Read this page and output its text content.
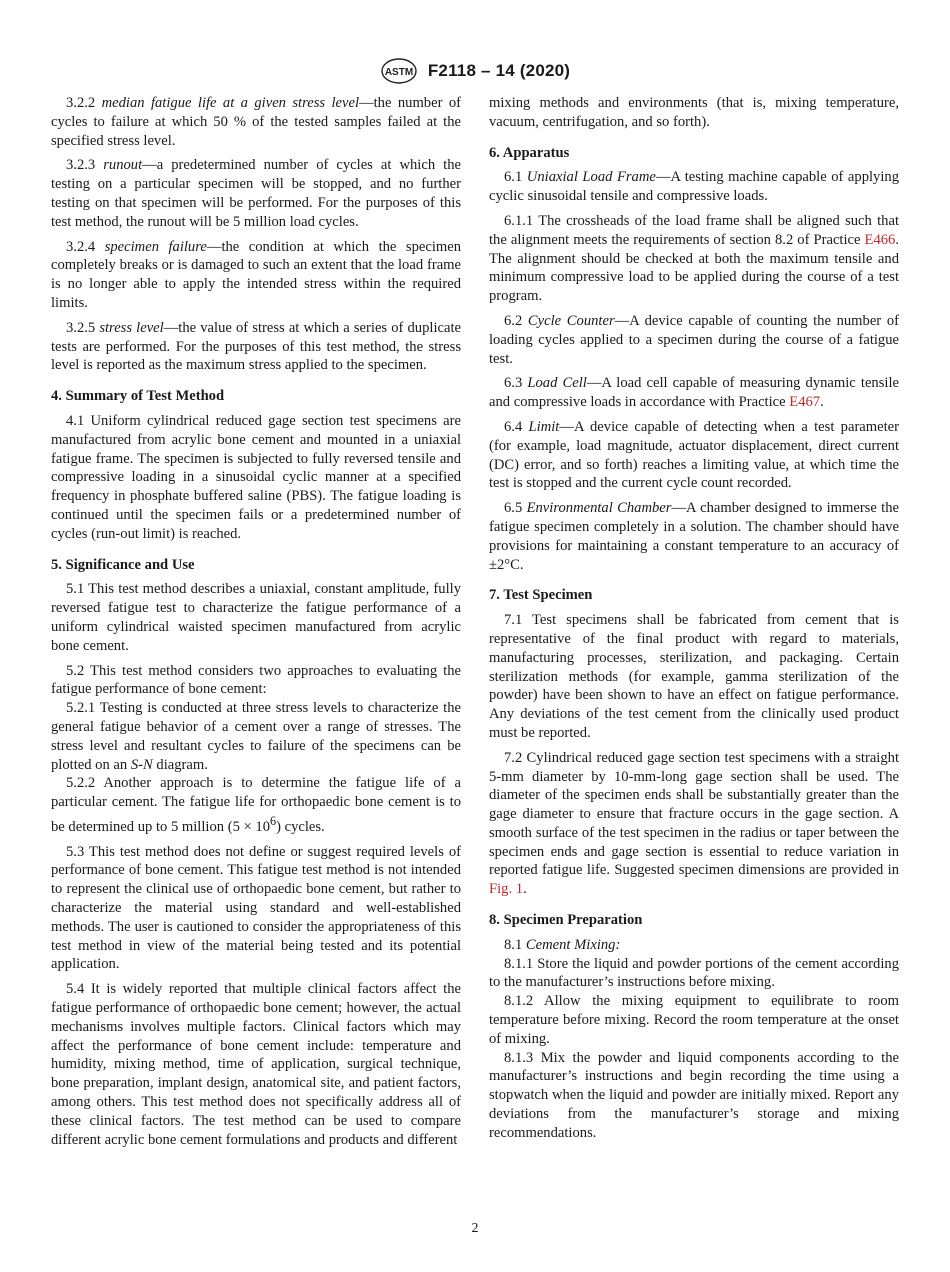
ASTM F2118 – 14 (2020)

3.2.2 median fatigue life at a given stress level—the number of cycles to failure at which 50 % of the tested samples failed at the specified stress level.

3.2.3 runout—a predetermined number of cycles at which the testing on a particular specimen will be stopped, and no further testing on that specimen will be performed. For the purposes of this test method, the runout will be 5 million load cycles.

3.2.4 specimen failure—the condition at which the specimen completely breaks or is damaged to such an extent that the load frame is no longer able to apply the intended stress within the required limits.

3.2.5 stress level—the value of stress at which a series of duplicate tests are performed. For the purposes of this test method, the stress level is reported as the maximum stress applied to the specimen.

4. Summary of Test Method

4.1 Uniform cylindrical reduced gage section test specimens are manufactured from acrylic bone cement and mounted in a uniaxial fatigue frame. The specimen is subjected to fully reversed tensile and compressive loading in a sinusoidal cyclic manner at a specified frequency in phosphate buffered saline (PBS). The fatigue loading is continued until the specimen fails or a predetermined number of cycles (run-out limit) is reached.

5. Significance and Use

5.1 This test method describes a uniaxial, constant amplitude, fully reversed fatigue test to characterize the fatigue performance of a uniform cylindrical waisted specimen manufactured from acrylic bone cement.

5.2 This test method considers two approaches to evaluating the fatigue performance of bone cement:

5.2.1 Testing is conducted at three stress levels to characterize the general fatigue behavior of a cement over a range of stresses. The stress level and resultant cycles to failure of the specimens can be plotted on an S-N diagram.

5.2.2 Another approach is to determine the fatigue life of a particular cement. The fatigue life for orthopaedic bone cement is to be determined up to 5 million $(5 \times 10^6)$ cycles.

5.3 This test method does not define or suggest required levels of performance of bone cement. This fatigue test method is not intended to represent the clinical use of orthopaedic bone cement, but rather to characterize the material using standard and well-established methods. The user is cautioned to consider the appropriateness of this test method in view of the material being tested and its potential application.

5.4 It is widely reported that multiple clinical factors affect the fatigue performance of orthopaedic bone cement; however, the actual mechanisms involves multiple factors. Clinical factors which may affect the performance of bone cement include: temperature and humidity, mixing method, time of application, surgical technique, bone preparation, implant design, anatomical site, and patient factors, among others. This test method does not specifically address all of these clinical factors. The test method can be used to compare different acrylic bone cement formulations and products and different

mixing methods and environments (that is, mixing temperature, vacuum, centrifugation, and so forth).

6. Apparatus

6.1 Uniaxial Load Frame—A testing machine capable of applying cyclic sinusoidal tensile and compressive loads.

6.1.1 The crossheads of the load frame shall be aligned such that the alignment meets the requirements of section 8.2 of Practice E466. The alignment should be checked at both the maximum tensile and minimum compressive load to be applied during the course of a test program.

6.2 Cycle Counter—A device capable of counting the number of loading cycles applied to a specimen during the course of a fatigue test.

6.3 Load Cell—A load cell capable of measuring dynamic tensile and compressive loads in accordance with Practice E467.

6.4 Limit—A device capable of detecting when a test parameter (for example, load magnitude, actuator displacement, direct current (DC) error, and so forth) reaches a limiting value, at which time the test is stopped and the current cycle count recorded.

6.5 Environmental Chamber—A chamber designed to immerse the fatigue specimen completely in a solution. The chamber should have provisions for maintaining a constant temperature to an accuracy of ±2°C.

7. Test Specimen

7.1 Test specimens shall be fabricated from cement that is representative of the final product with regard to materials, manufacturing processes, sterilization, and packaging. Certain sterilization methods (for example, gamma sterilization of the powder) have been shown to have an effect on fatigue performance. Any deviations of the test cement from the clinically used product must be reported.

7.2 Cylindrical reduced gage section test specimens with a straight 5-mm diameter by 10-mm-long gage section shall be used. The diameter of the specimen ends shall be substantially greater than the gage diameter to ensure that fracture occurs in the gage section. A smooth surface of the test specimen in the radius or taper between the specimen ends and gage section is essential to reduce variation in reported fatigue life. Suggested specimen dimensions are provided in Fig. 1.

8. Specimen Preparation

8.1 Cement Mixing:

8.1.1 Store the liquid and powder portions of the cement according to the manufacturer’s instructions before mixing.

8.1.2 Allow the mixing equipment to equilibrate to room temperature before mixing. Record the room temperature at the onset of mixing.

8.1.3 Mix the powder and liquid components according to the manufacturer’s instructions and begin recording the time using a stopwatch when the liquid and powder are initially mixed. Report any deviations from the manufacturer’s storage and mixing recommendations.

2
